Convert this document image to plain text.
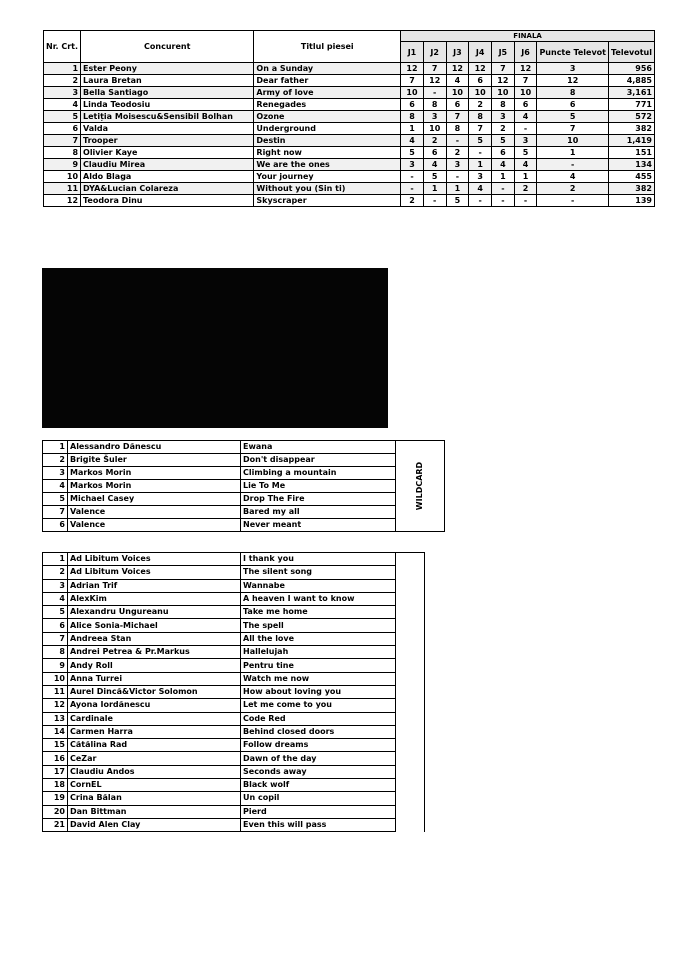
Nr. Crt.	Concurent	Titlul piesei	FINALA							
			J1	J2	J3	J4	J5	J6	Puncte Televot	Televotul
1	Ester Peony	On a Sunday	12	7	12	12	7	12	3	956
2	Laura Bretan	Dear father	7	12	4	6	12	7	12	4,885
3	Bella Santiago	Army of love	10	-	10	10	10	10	8	3,161
4	Linda Teodosiu	Renegades	6	8	6	2	8	6	6	771
5	Letiția Moisescu&Sensibil Bolhan	Ozone	8	3	7	8	3	4	5	572
6	Valda	Underground	1	10	8	7	2	-	7	382
7	Trooper	Destin	4	2	-	5	5	3	10	1,419
8	Olivier Kaye	Right now	5	6	2	-	6	5	1	151
9	Claudiu Mirea	We are the ones	3	4	3	1	4	4	-	134
10	Aldo Blaga	Your journey	-	5	-	3	1	1	4	455
11	DYA&Lucian Colareza	Without you (Sin ti)	-	1	1	4	-	2	2	382
12	Teodora Dinu	Skyscraper	2	-	5	-	-	-	-	139
1	Alessandro Dănescu	Ewana	WILDCARD
2	Brigite Šuler	Don't disappear	
3	Markos Morin	Climbing a mountain	
4	Markos Morin	Lie To Me	
5	Michael Casey	Drop The Fire	
7	Valence	Bared my all	
6	Valence	Never meant	
1	Ad Libitum Voices	I thank you	
2	Ad Libitum Voices	The silent song	
3	Adrian Trif	Wannabe	
4	AlexKim	A heaven I want to know	
5	Alexandru Ungureanu	Take me home	
6	Alice Sonia-Michael	The spell	
7	Andreea Stan	All the love	
8	Andrei Petrea & Pr.Markus	Hallelujah	
9	Andy Roll	Pentru tine	
10	Anna Turrei	Watch me now	
11	Aurel Dincă&Victor Solomon	How about loving you	
12	Ayona Iordănescu	Let me come to you	
13	Cardinale	Code Red	
14	Carmen Harra	Behind closed doors	
15	Cătălina Rad	Follow dreams	
16	CeZar	Dawn of the day	
17	Claudiu Andos	Seconds away	
18	CornEL	Black wolf	
19	Crina Bălan	Un copil	
20	Dan Bittman	Pierd	
21	David Alen Clay	Even this will pass	
